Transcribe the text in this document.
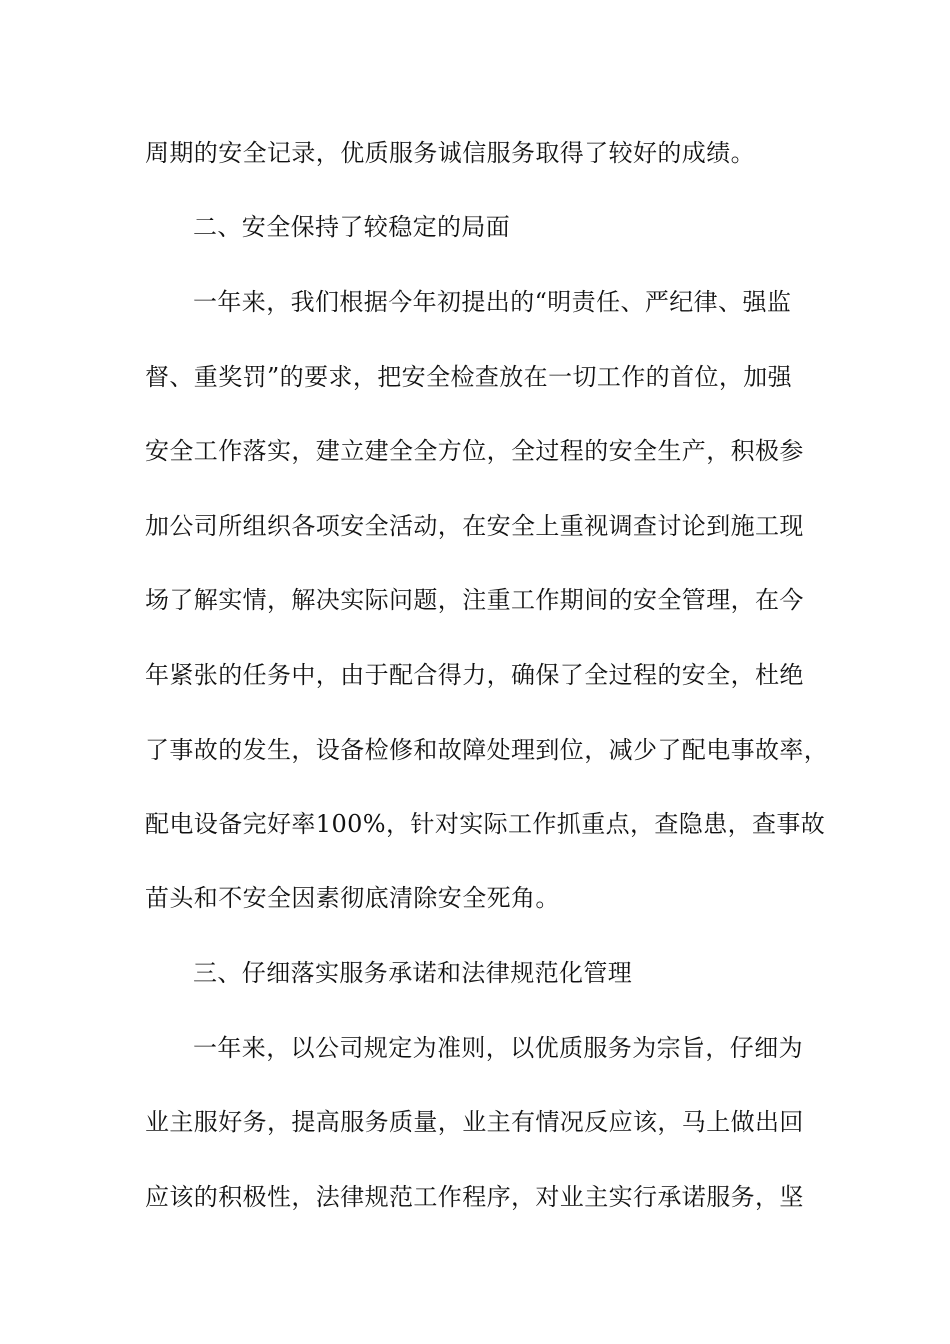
周期的安全记录，优质服务诚信服务取得了较好的成绩。
二、安全保持了较稳定的局面
一年来，我们根据今年初提出的“明责任、严纪律、强监
督、重奖罚”的要求，把安全检查放在一切工作的首位，加强
安全工作落实，建立建全全方位，全过程的安全生产，积极参
加公司所组织各项安全活动，在安全上重视调查讨论到施工现
场了解实情，解决实际问题，注重工作期间的安全管理，在今
年紧张的任务中，由于配合得力，确保了全过程的安全，杜绝
了事故的发生，设备检修和故障处理到位，减少了配电事故率，
配电设备完好率100%，针对实际工作抓重点，查隐患，查事故
苗头和不安全因素彻底清除安全死角。
三、仔细落实服务承诺和法律规范化管理
一年来，以公司规定为准则，以优质服务为宗旨，仔细为
业主服好务，提高服务质量，业主有情况反应该，马上做出回
应该的积极性，法律规范工作程序，对业主实行承诺服务，坚
